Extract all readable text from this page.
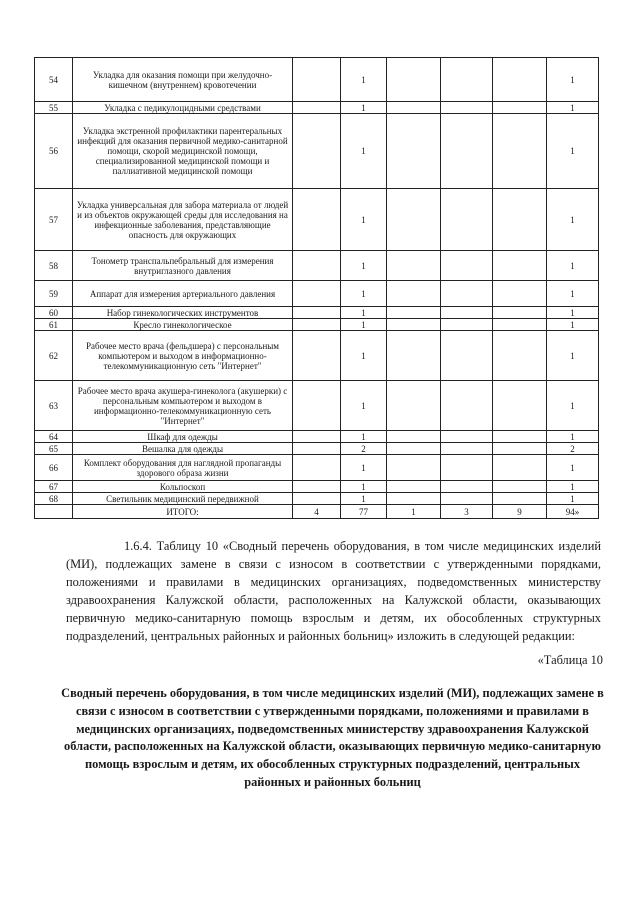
54	Укладка для оказания помощи при желудочно-кишечном (внутреннем) кровотечении		1				1
55	Укладка с педикулоцидными средствами		1				1
56	Укладка экстренной профилактики парентеральных инфекций для оказания первичной медико-санитарной помощи, скорой медицинской помощи, специализированной медицинской помощи и паллиативной медицинской помощи		1				1
57	Укладка универсальная для забора материала от людей и из объектов окружающей среды для исследования на инфекционные заболевания, представляющие опасность для окружающих		1				1
58	Тонометр транспальпебральный для измерения внутриглазного давления		1				1
59	Аппарат для измерения артериального давления		1				1
60	Набор гинекологических инструментов		1				1
61	Кресло гинекологическое		1				1
62	Рабочее место врача (фельдшера) с персональным компьютером и выходом в информационно-телекоммуникационную сеть "Интернет"		1				1
63	Рабочее место врача акушера-гинеколога (акушерки) с персональным компьютером и выходом в информационно-телекоммуникационную сеть "Интернет"		1				1
64	Шкаф для одежды		1				1
65	Вешалка для одежды		2				2
66	Комплект оборудования для наглядной пропаганды здорового образа жизни		1				1
67	Кольпоскоп		1				1
68	Светильник медицинский передвижной		1				1
	ИТОГО:	4	77	1	3	9	94»
1.6.4. Таблицу 10 «Сводный перечень оборудования, в том числе медицинских изделий (МИ), подлежащих замене в связи с износом в соответствии с утвержденными порядками, положениями и правилами в медицинских организациях, подведомственных министерству здравоохранения Калужской области, расположенных на Калужской области, оказывающих первичную медико-санитарную помощь взрослым и детям, их обособленных структурных подразделений, центральных районных и районных больниц» изложить в следующей редакции:
«Таблица 10
Сводный перечень оборудования, в том числе медицинских изделий (МИ), подлежащих замене в связи с износом в соответствии с утвержденными порядками, положениями и правилами в медицинских организациях, подведомственных министерству здравоохранения Калужской области, расположенных на Калужской области, оказывающих первичную медико-санитарную помощь взрослым и детям, их обособленных структурных подразделений, центральных районных и районных больниц
